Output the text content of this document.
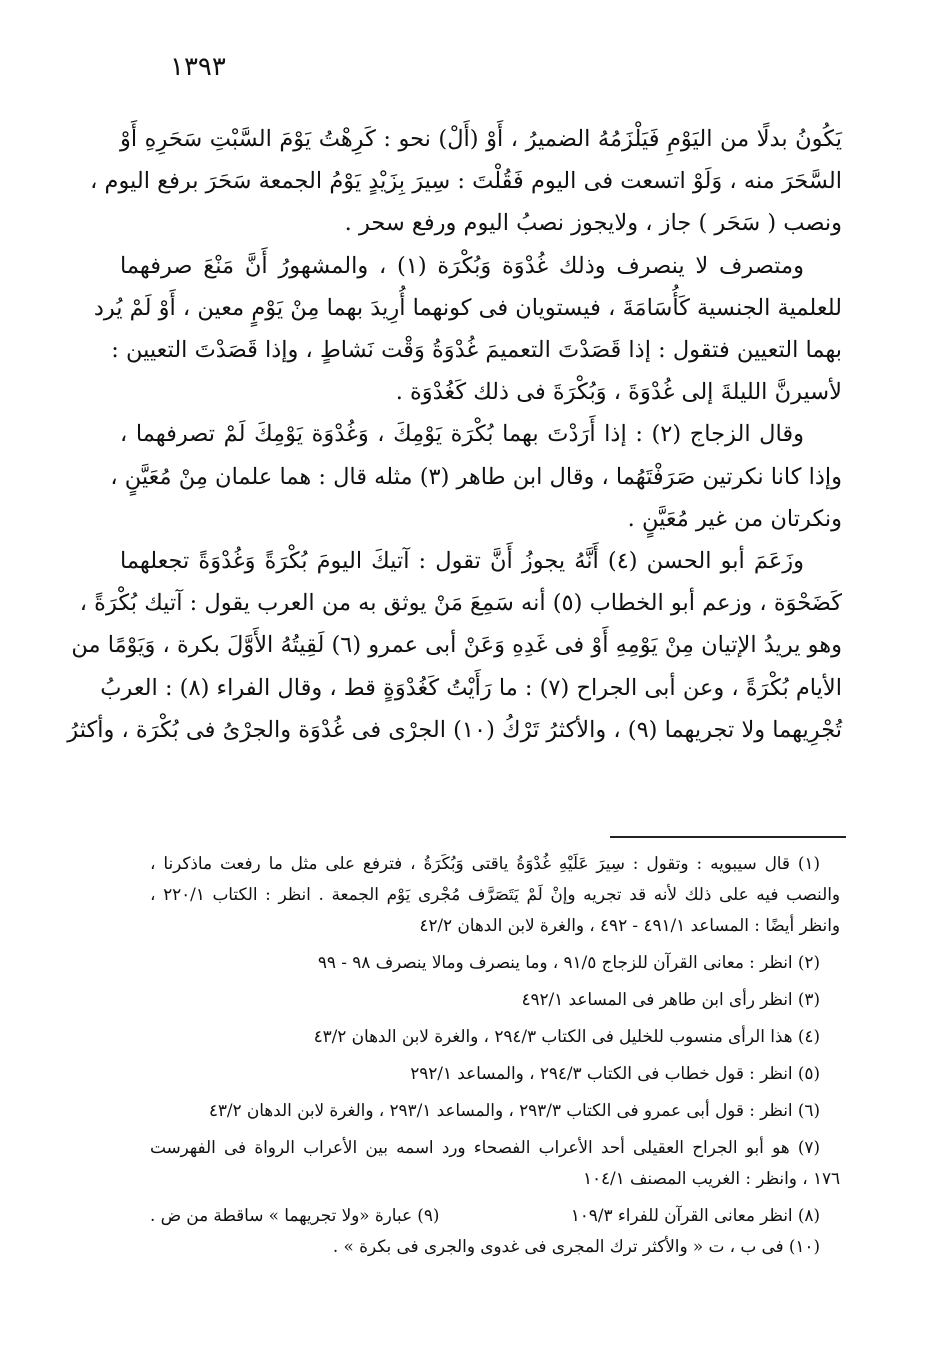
١٣٩٣

يَكُونُ بدلًا من اليَوْمِ فَيَلْزَمُهُ الضميرُ ، أَوْ (أَلْ) نحو : كَرِهْتُ يَوْمَ السَّبْتِ سَحَرِهِ أَوْ
السَّحَرَ منه ، وَلَوْ اتسعت فى اليوم فَقُلْتَ : سِيرَ بِزَيْدٍ يَوْمُ الجمعة سَحَرَ برفع اليوم ،
ونصب ( سَحَر ) جاز ، ولايجوز نصبُ اليوم ورفع سحر .

ومتصرف لا ينصرف وذلك غُدْوَة وَبُكْرَة (١) ، والمشهورُ أَنَّ مَنْعَ صرفهما
للعلمية الجنسية كَأُسَامَةَ ، فيستويان فى كونهما أُرِيدَ بهما مِنْ يَوْمٍ معين ، أَوْ لَمْ يُرد
بهما التعيين فتقول : إذا قَصَدْتَ التعميمَ غُدْوَةُ وَقْت نَشاطٍ ، وإذا قَصَدْتَ التعيين :
لأسيرنَّ الليلةَ إلى غُدْوَةَ ، وَبُكْرَةَ فى ذلك كَغُدْوَة .

وقال الزجاج (٢) : إذا أَرَدْتَ بهما بُكْرَة يَوْمِكَ ، وَغُدْوَة يَوْمِكَ لَمْ تصرفهما ،
وإذا كانا نكرتين صَرَفْتَهُما ، وقال ابن طاهر (٣) مثله قال : هما علمان مِنْ مُعَيَّنٍ ،
ونكرتان من غير مُعَيَّنٍ .

وزَعَمَ أبو الحسن (٤) أَنَّهُ يجوزُ أَنَّ تقول : آتيكَ اليومَ بُكْرَةً وَغُدْوَةً تجعلهما
كَضَحْوَة ، وزعم أبو الخطاب (٥) أنه سَمِعَ مَنْ يوثق به من العرب يقول : آتيك بُكْرَةً ،
وهو يريدُ الإتيان مِنْ يَوْمِهِ أَوْ فى غَدِهِ وَعَنْ أبى عمرو (٦) لَقِيتُهُ الأَوَّلَ بكرة ، وَيَوْمًا من
الأيام بُكْرَةً ، وعن أبى الجراح (٧) : ما رَأَيْتُ كَغُدْوَةٍ قط ، وقال الفراء (٨) : العربُ
تُجْرِيهما ولا تجريهما (٩) ، والأكثرُ تَرْكُ (١٠) الجرْى فى غُدْوَة والجرْىُ فى بُكْرَة ، وأكثرُ

(١) قال سيبويه : وتقول : سِيرَ عَلَيْهِ غُدْوَةُ ياقتى وَبُكَرَةُ ، فترفع على مثل ما رفعت ماذكرنا ،
والنصب فيه على ذلك لأنه قد تجريه وإنْ لَمْ يَتَصَرَّف مُجْرى يَوْم الجمعة . انظر : الكتاب ٢٢٠/١ ،
وانظر أيضًا : المساعد ٤٩١/١ - ٤٩٢ ، والغرة لابن الدهان ٤٢/٢
(٢) انظر : معانى القرآن للزجاج ٩١/٥ ، وما ينصرف ومالا ينصرف ٩٨ - ٩٩
(٣) انظر رأى ابن طاهر فى المساعد ٤٩٢/١
(٤) هذا الرأى منسوب للخليل فى الكتاب ٢٩٤/٣ ، والغرة لابن الدهان ٤٣/٢
(٥) انظر : قول خطاب فى الكتاب ٢٩٤/٣ ، والمساعد ٢٩٢/١
(٦) انظر : قول أبى عمرو فى الكتاب ٢٩٣/٣ ، والمساعد ٢٩٣/١ ، والغرة لابن الدهان ٤٣/٢
(٧) هو أبو الجراح العقيلى أحد الأعراب الفصحاء ورد اسمه بين الأعراب الرواة فى الفهرست
١٧٦ ، وانظر : الغريب المصنف ١٠٤/١
(٨) انظر معانى القرآن للفراء ١٠٩/٣
(٩) عبارة «ولا تجريهما » ساقطة من ض .
(١٠) فى ب ، ت « والأكثر ترك المجرى فى غدوى والجرى فى بكرة » .
